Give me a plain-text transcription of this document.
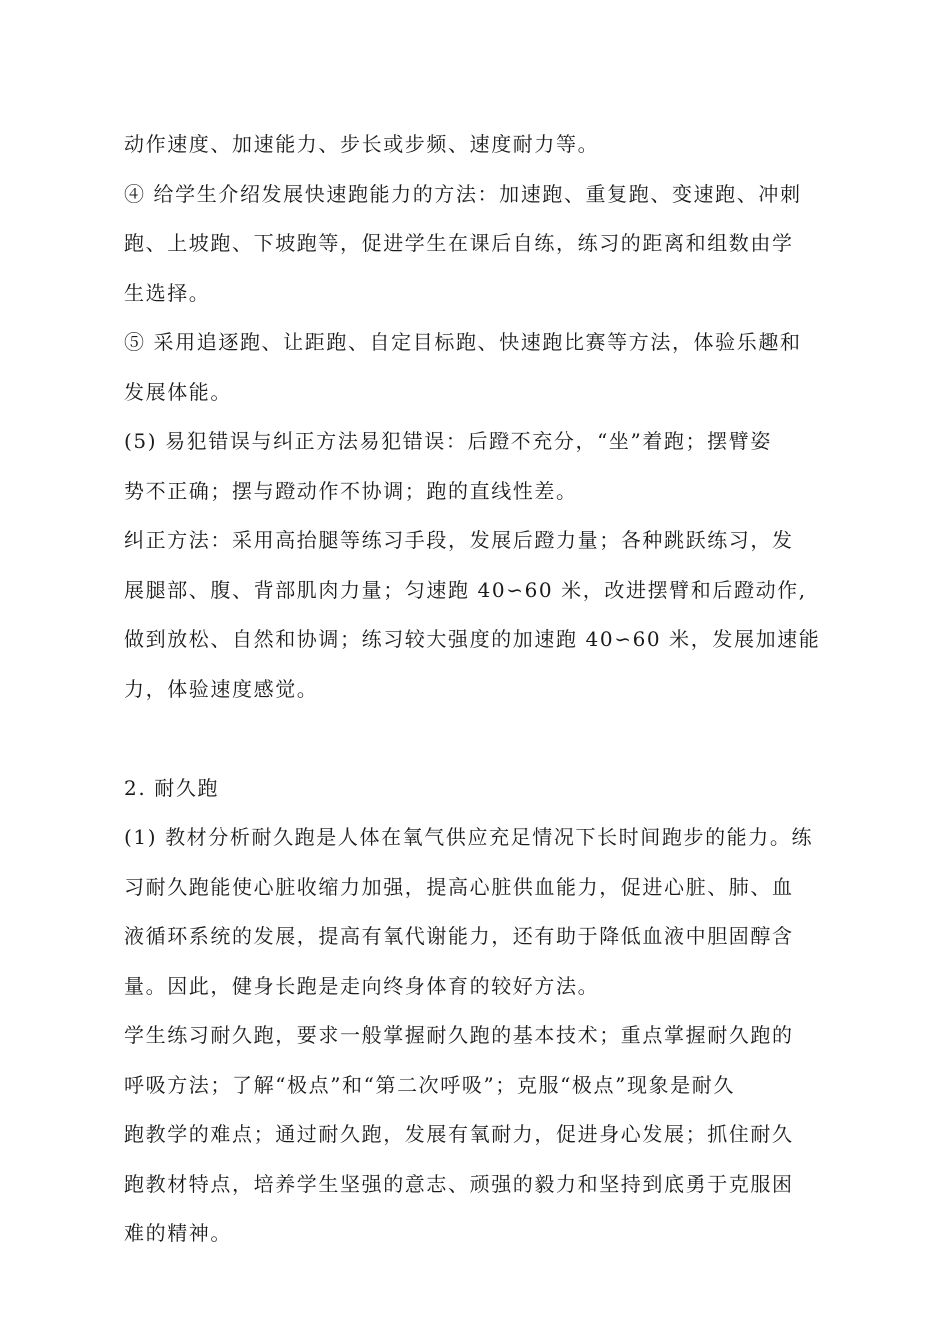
动作速度、加速能力、步长或步频、速度耐力等。
④ 给学生介绍发展快速跑能力的方法：加速跑、重复跑、变速跑、冲刺
跑、上坡跑、下坡跑等，促进学生在课后自练，练习的距离和组数由学
生选择。
⑤ 采用追逐跑、让距跑、自定目标跑、快速跑比赛等方法，体验乐趣和
发展体能。
(5) 易犯错误与纠正方法易犯错误：后蹬不充分，“坐”着跑；摆臂姿
势不正确；摆与蹬动作不协调；跑的直线性差。
纠正方法：采用高抬腿等练习手段，发展后蹬力量；各种跳跃练习，发
展腿部、腹、背部肌肉力量；匀速跑 40∽60 米，改进摆臂和后蹬动作,
做到放松、自然和协调；练习较大强度的加速跑 40∽60 米，发展加速能
力，体验速度感觉。
2. 耐久跑
(1) 教材分析耐久跑是人体在氧气供应充足情况下长时间跑步的能力。练
习耐久跑能使心脏收缩力加强，提高心脏供血能力，促进心脏、肺、血
液循环系统的发展，提高有氧代谢能力，还有助于降低血液中胆固醇含
量。因此，健身长跑是走向终身体育的较好方法。
学生练习耐久跑，要求一般掌握耐久跑的基本技术；重点掌握耐久跑的
呼吸方法；了解“极点”和“第二次呼吸”；克服“极点”现象是耐久
跑教学的难点；通过耐久跑，发展有氧耐力，促进身心发展；抓住耐久
跑教材特点，培养学生坚强的意志、顽强的毅力和坚持到底勇于克服困
难的精神。
